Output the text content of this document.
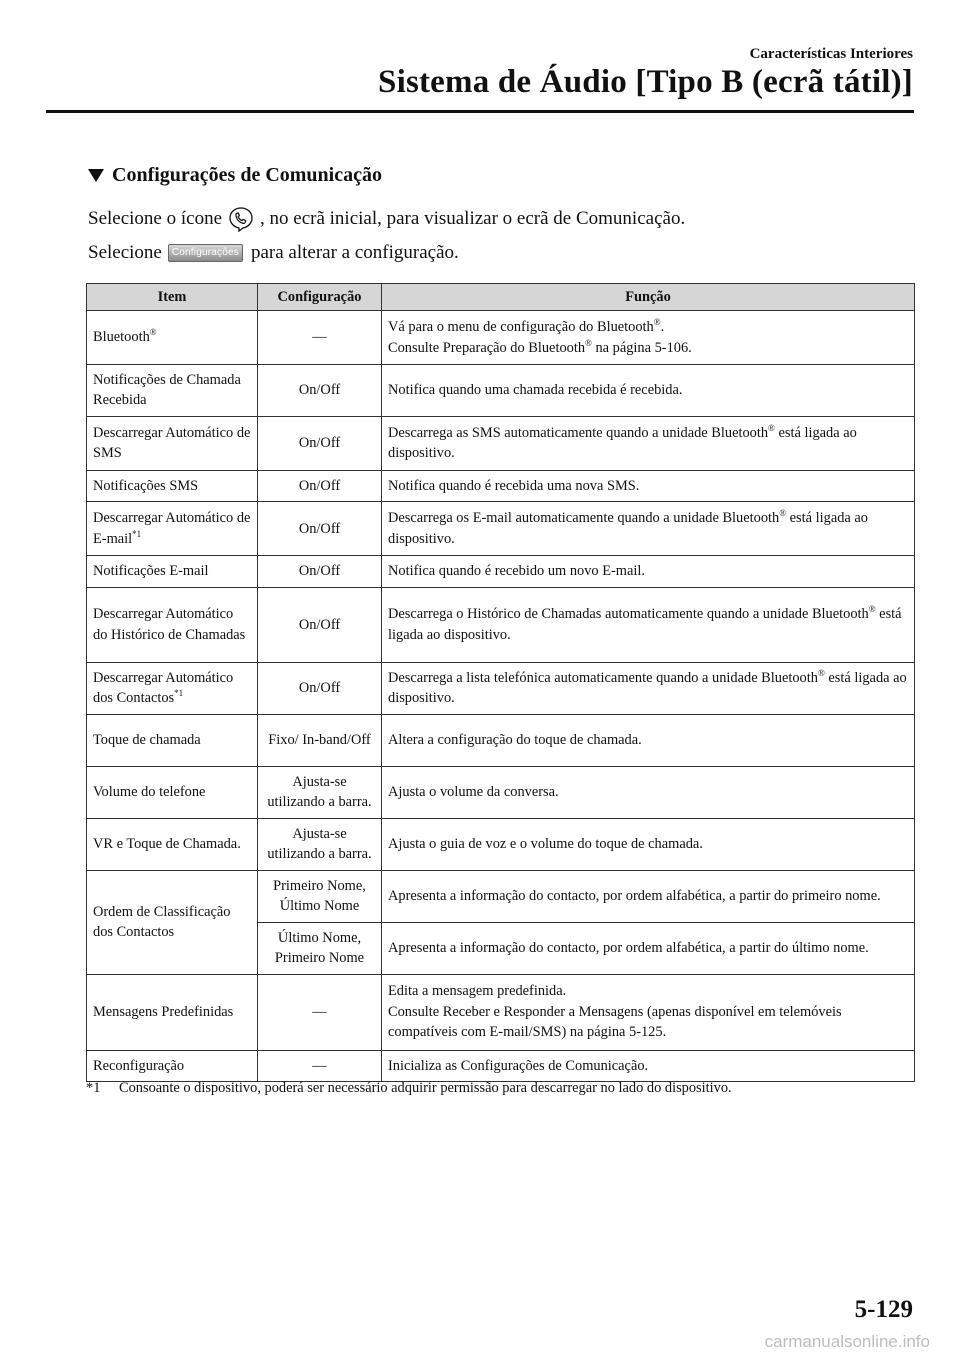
Características Interiores
Sistema de Áudio [Tipo B (ecrã tátil)]
Configurações de Comunicação
Selecione o ícone , no ecrã inicial, para visualizar o ecrã de Comunicação.
Selecione	Configurações para alterar a configuração.
Item	Configuração	Função
Bluetooth®	—	Vá para o menu de configuração do Bluetooth®.
Consulte Preparação do Bluetooth® na página 5-106.

Notificações de Chamada Recebida	On/Off	Notifica quando uma chamada recebida é recebida.
Descarregar Automático de SMS	On/Off	Descarrega as SMS automaticamente quando a unidade Bluetooth® está ligada ao dispositivo.
Notificações SMS	On/Off	Notifica quando é recebida uma nova SMS.
Descarregar Automático de E-mail$^{*1}$	On/Off	Descarrega os E-mail automaticamente quando a unidade Bluetooth® está ligada ao dispositivo.
Notificações E-mail	On/Off	Notifica quando é recebido um novo E-mail.
Descarregar Automático do Histórico de Chamadas	On/Off	Descarrega o Histórico de Chamadas automaticamente quando a unidade Bluetooth® está ligada ao dispositivo.
Descarregar Automático dos Contactos$^{*1}$	On/Off	Descarrega a lista telefónica automaticamente quando a unidade Bluetooth® está ligada ao dispositivo.
Toque de chamada	Fixo/ In-band/Off	Altera a configuração do toque de chamada.
Volume do telefone	Ajusta-se utilizando a barra.	Ajusta o volume da conversa.
VR e Toque de Chamada.	Ajusta-se utilizando a barra.	Ajusta o guia de voz e o volume do toque de chamada.
Ordem de Classificação dos Contactos	Primeiro Nome, Último Nome	Apresenta a informação do contacto, por ordem alfabética, a partir do primeiro nome.
	Último Nome, Primeiro Nome	Apresenta a informação do contacto, por ordem alfabética, a partir do último nome.
Mensagens Predefinidas	—	Edita a mensagem predefinida.
Consulte Receber e Responder a Mensagens (apenas disponível em telemóveis compatíveis com E-mail/SMS) na página 5-125.

Reconfiguração	—	Inicializa as Configurações de Comunicação.
*1 Consoante o dispositivo, poderá ser necessário adquirir permissão para descarregar no lado do dispositivo.
5-129
carmanualsonline.info
